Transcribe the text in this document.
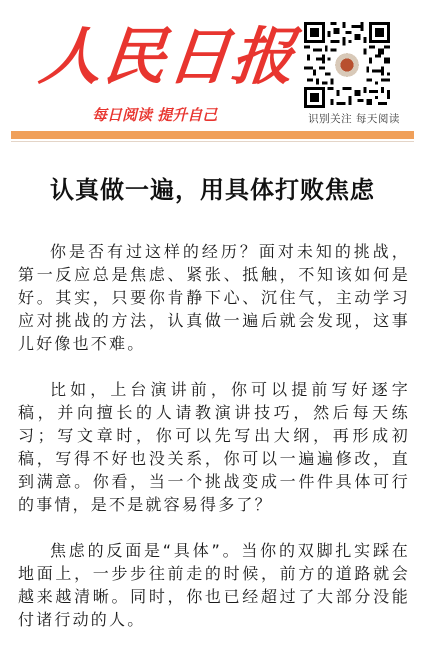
人民日报
每日阅读 提升自己	识别关注 每天阅读
认真做一遍，用具体打败焦虑

你是否有过这样的经历？面对未知的挑战，第一反应总是焦虑、紧张、抵触，不知该如何是好。其实，只要你肯静下心、沉住气，主动学习应对挑战的方法，认真做一遍后就会发现，这事儿好像也不难。

比如，上台演讲前，你可以提前写好逐字稿，并向擅长的人请教演讲技巧，然后每天练习；写文章时，你可以先写出大纲，再形成初稿，写得不好也没关系，你可以一遍遍修改，直到满意。你看，当一个挑战变成一件件具体可行的事情，是不是就容易得多了？

焦虑的反面是“具体”。当你的双脚扎实踩在地面上，一步步往前走的时候，前方的道路就会越来越清晰。同时，你也已经超过了大部分没能付诸行动的人。
